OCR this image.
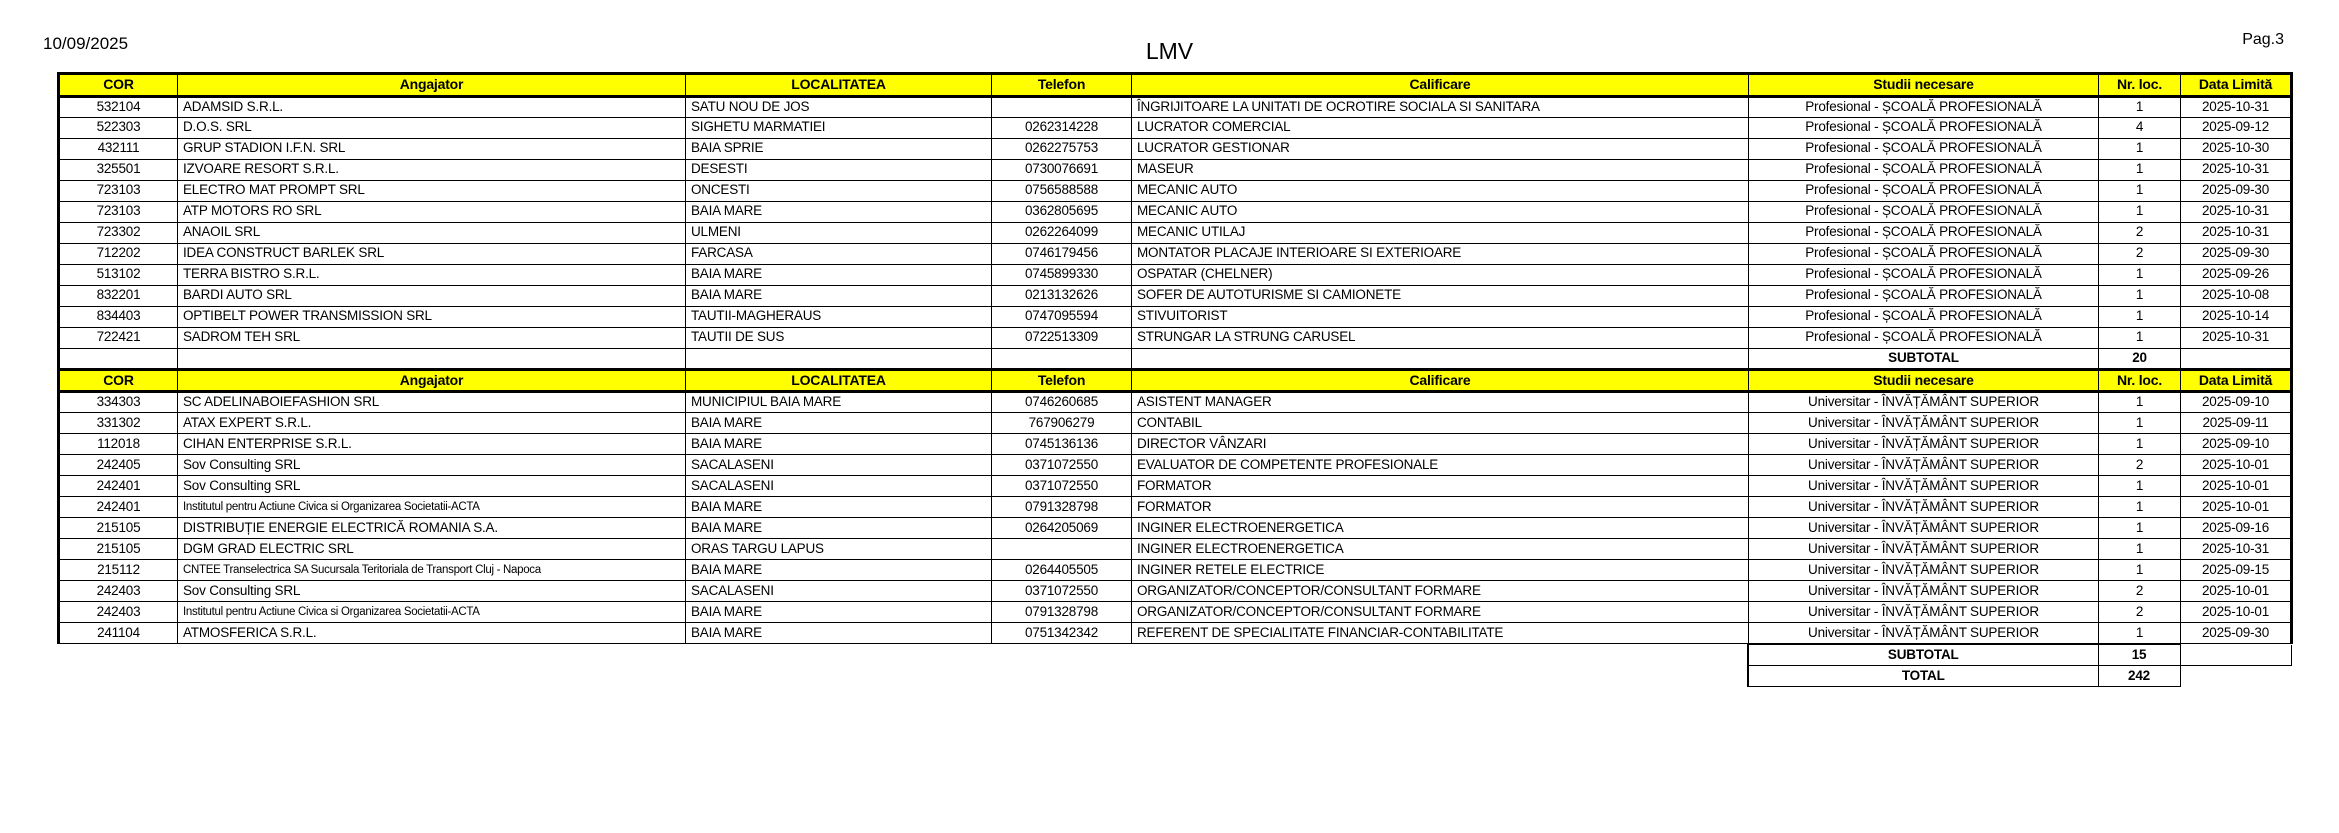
10/09/2025	LMV	Pag.3
COR	Angajator	LOCALITATEA	Telefon	Calificare	Studii necesare	Nr. loc.	Data Limită
532104	ADAMSID S.R.L.	SATU NOU DE JOS		ÎNGRIJITOARE LA UNITATI DE OCROTIRE SOCIALA SI SANITARA	Profesional - ȘCOALĂ PROFESIONALĂ	1	2025-10-31
522303	D.O.S. SRL	SIGHETU MARMATIEI	0262314228	LUCRATOR COMERCIAL	Profesional - ȘCOALĂ PROFESIONALĂ	4	2025-09-12
432111	GRUP STADION I.F.N. SRL	BAIA SPRIE	0262275753	LUCRATOR GESTIONAR	Profesional - ȘCOALĂ PROFESIONALĂ	1	2025-10-30
325501	IZVOARE RESORT S.R.L.	DESESTI	0730076691	MASEUR	Profesional - ȘCOALĂ PROFESIONALĂ	1	2025-10-31
723103	ELECTRO MAT PROMPT SRL	ONCESTI	0756588588	MECANIC AUTO	Profesional - ȘCOALĂ PROFESIONALĂ	1	2025-09-30
723103	ATP MOTORS RO SRL	BAIA MARE	0362805695	MECANIC AUTO	Profesional - ȘCOALĂ PROFESIONALĂ	1	2025-10-31
723302	ANAOIL SRL	ULMENI	0262264099	MECANIC UTILAJ	Profesional - ȘCOALĂ PROFESIONALĂ	2	2025-10-31
712202	IDEA CONSTRUCT BARLEK SRL	FARCASA	0746179456	MONTATOR PLACAJE INTERIOARE SI EXTERIOARE	Profesional - ȘCOALĂ PROFESIONALĂ	2	2025-09-30
513102	TERRA BISTRO S.R.L.	BAIA MARE	0745899330	OSPATAR (CHELNER)	Profesional - ȘCOALĂ PROFESIONALĂ	1	2025-09-26
832201	BARDI AUTO SRL	BAIA MARE	0213132626	SOFER DE AUTOTURISME SI CAMIONETE	Profesional - ȘCOALĂ PROFESIONALĂ	1	2025-10-08
834403	OPTIBELT POWER TRANSMISSION SRL	TAUTII-MAGHERAUS	0747095594	STIVUITORIST	Profesional - ȘCOALĂ PROFESIONALĂ	1	2025-10-14
722421	SADROM TEH SRL	TAUTII DE SUS	0722513309	STRUNGAR LA STRUNG CARUSEL	Profesional - ȘCOALĂ PROFESIONALĂ	1	2025-10-31
					SUBTOTAL	20	
COR	Angajator	LOCALITATEA	Telefon	Calificare	Studii necesare	Nr. loc.	Data Limită
334303	SC ADELINABOIEFASHION SRL	MUNICIPIUL BAIA MARE	0746260685	ASISTENT MANAGER	Universitar - ÎNVĂȚĂMÂNT SUPERIOR	1	2025-09-10
331302	ATAX EXPERT S.R.L.	BAIA MARE	767906279	CONTABIL	Universitar - ÎNVĂȚĂMÂNT SUPERIOR	1	2025-09-11
112018	CIHAN ENTERPRISE S.R.L.	BAIA MARE	0745136136	DIRECTOR VÂNZARI	Universitar - ÎNVĂȚĂMÂNT SUPERIOR	1	2025-09-10
242405	Sov Consulting SRL	SACALASENI	0371072550	EVALUATOR DE COMPETENTE PROFESIONALE	Universitar - ÎNVĂȚĂMÂNT SUPERIOR	2	2025-10-01
242401	Sov Consulting SRL	SACALASENI	0371072550	FORMATOR	Universitar - ÎNVĂȚĂMÂNT SUPERIOR	1	2025-10-01
242401	Institutul pentru Actiune Civica si Organizarea Societatii-ACTA	BAIA MARE	0791328798	FORMATOR	Universitar - ÎNVĂȚĂMÂNT SUPERIOR	1	2025-10-01
215105	DISTRIBUȚIE ENERGIE ELECTRICĂ ROMANIA S.A.	BAIA MARE	0264205069	INGINER ELECTROENERGETICA	Universitar - ÎNVĂȚĂMÂNT SUPERIOR	1	2025-09-16
215105	DGM GRAD ELECTRIC SRL	ORAS TARGU LAPUS		INGINER ELECTROENERGETICA	Universitar - ÎNVĂȚĂMÂNT SUPERIOR	1	2025-10-31
215112	CNTEE Transelectrica SA Sucursala Teritoriala de Transport Cluj - Napoca	BAIA MARE	0264405505	INGINER RETELE ELECTRICE	Universitar - ÎNVĂȚĂMÂNT SUPERIOR	1	2025-09-15
242403	Sov Consulting SRL	SACALASENI	0371072550	ORGANIZATOR/CONCEPTOR/CONSULTANT FORMARE	Universitar - ÎNVĂȚĂMÂNT SUPERIOR	2	2025-10-01
242403	Institutul pentru Actiune Civica si Organizarea Societatii-ACTA	BAIA MARE	0791328798	ORGANIZATOR/CONCEPTOR/CONSULTANT FORMARE	Universitar - ÎNVĂȚĂMÂNT SUPERIOR	2	2025-10-01
241104	ATMOSFERICA S.R.L.	BAIA MARE	0751342342	REFERENT DE SPECIALITATE FINANCIAR-CONTABILITATE	Universitar - ÎNVĂȚĂMÂNT SUPERIOR	1	2025-09-30
SUBTOTAL	15	
TOTAL	242	
